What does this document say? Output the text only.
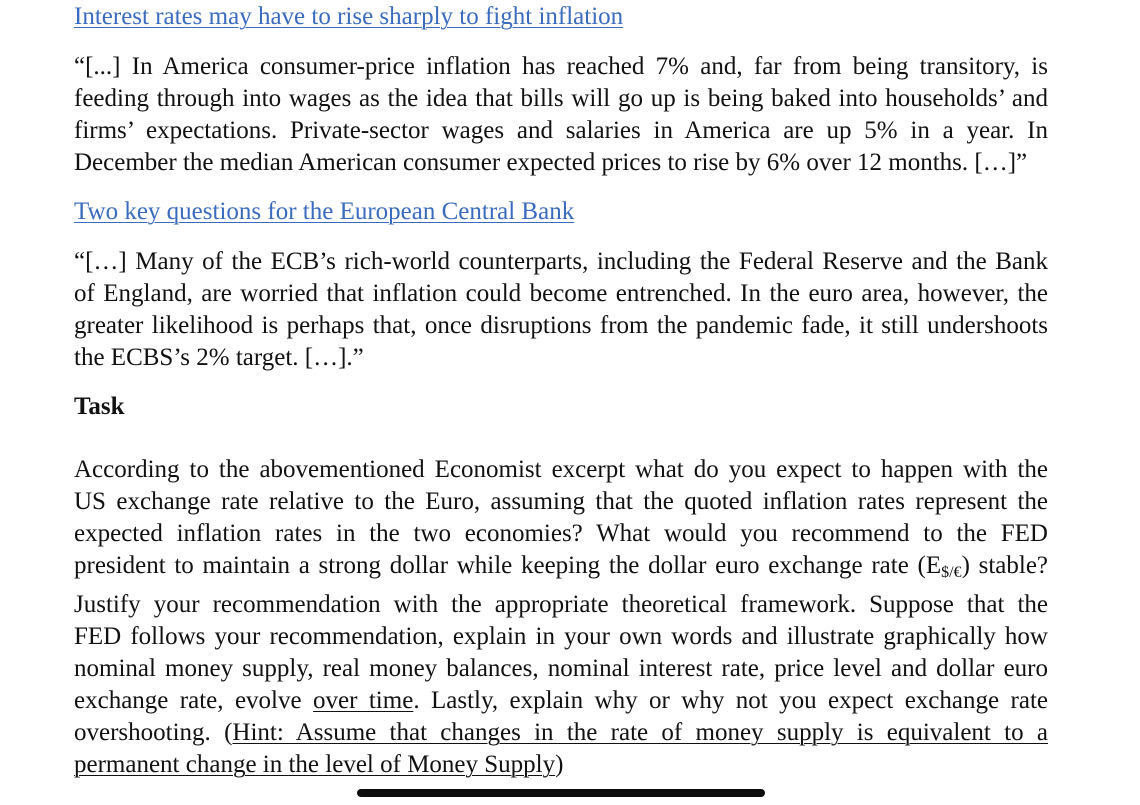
Interest rates may have to rise sharply to fight inflation
“[...] In America consumer-price inflation has reached 7% and, far from being transitory, is
feeding through into wages as the idea that bills will go up is being baked into households’ and
firms’ expectations. Private-sector wages and salaries in America are up 5% in a year. In
December the median American consumer expected prices to rise by 6% over 12 months. […]”
Two key questions for the European Central Bank
“[…] Many of the ECB’s rich-world counterparts, including the Federal Reserve and the Bank
of England, are worried that inflation could become entrenched. In the euro area, however, the
greater likelihood is perhaps that, once disruptions from the pandemic fade, it still undershoots
the ECBS’s 2% target. […].”
Task
According to the abovementioned Economist excerpt what do you expect to happen with the
US exchange rate relative to the Euro, assuming that the quoted inflation rates represent the
expected inflation rates in the two economies? What would you recommend to the FED
president to maintain a strong dollar while keeping the dollar euro exchange rate $(E_{\$/€})$ stable?
Justify your recommendation with the appropriate theoretical framework. Suppose that the
FED follows your recommendation, explain in your own words and illustrate graphically how
nominal money supply, real money balances, nominal interest rate, price level and dollar euro
exchange rate, evolve over time. Lastly, explain why or why not you expect exchange rate
overshooting. (Hint: Assume that changes in the rate of money supply is equivalent to a
permanent change in the level of Money Supply)
